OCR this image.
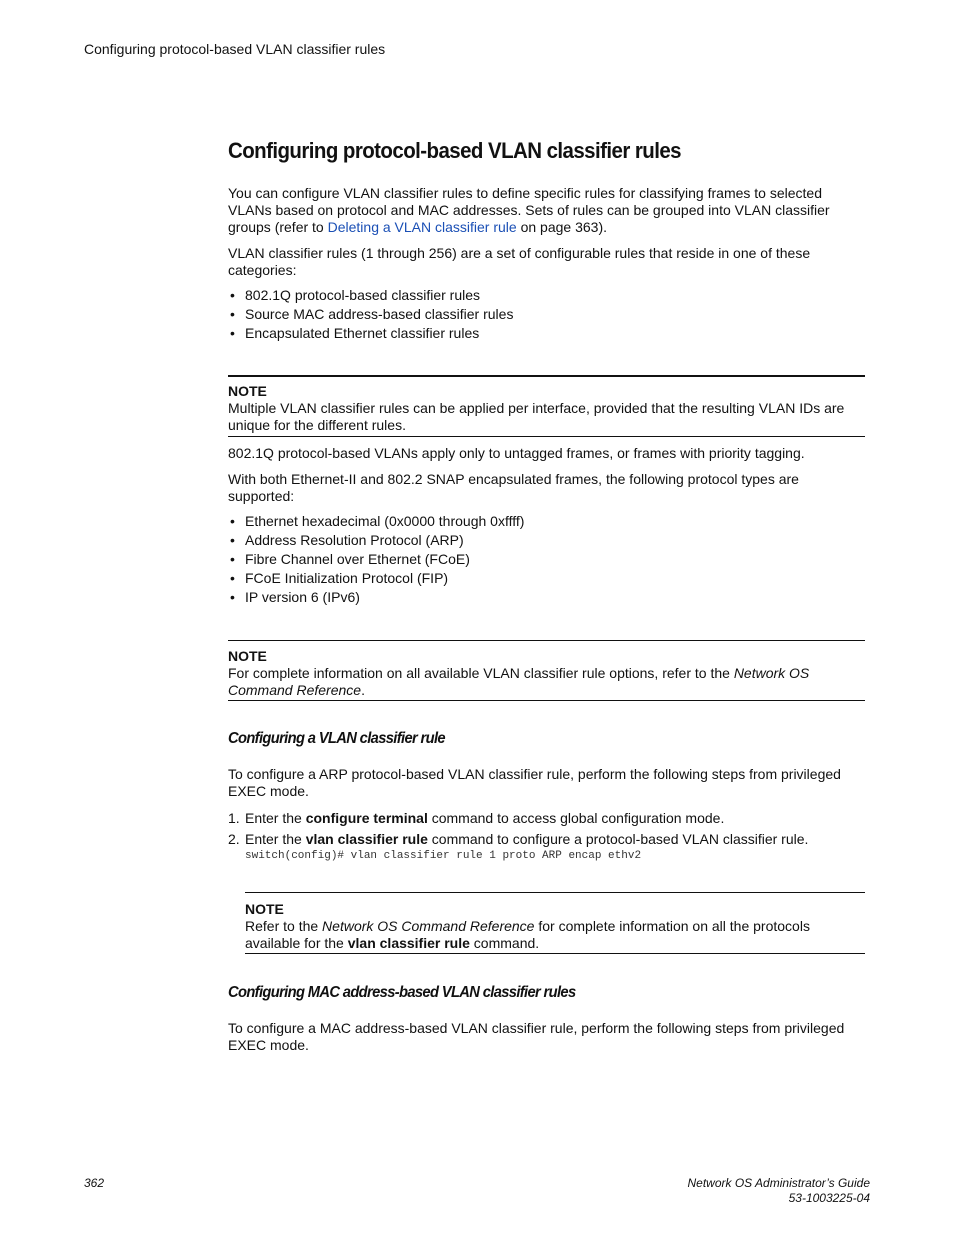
Configuring protocol-based VLAN classifier rules
Configuring protocol-based VLAN classifier rules

You can configure VLAN classifier rules to define specific rules for classifying frames to selected VLANs based on protocol and MAC addresses. Sets of rules can be grouped into VLAN classifier groups (refer to Deleting a VLAN classifier rule on page 363).

VLAN classifier rules (1 through 256) are a set of configurable rules that reside in one of these categories:

• 802.1Q protocol-based classifier rules
• Source MAC address-based classifier rules
• Encapsulated Ethernet classifier rules

NOTE

Multiple VLAN classifier rules can be applied per interface, provided that the resulting VLAN IDs are unique for the different rules.

802.1Q protocol-based VLANs apply only to untagged frames, or frames with priority tagging.

With both Ethernet-II and 802.2 SNAP encapsulated frames, the following protocol types are supported:

• Ethernet hexadecimal (0x0000 through 0xffff)
• Address Resolution Protocol (ARP)
• Fibre Channel over Ethernet (FCoE)
• FCoE Initialization Protocol (FIP)
• IP version 6 (IPv6)

NOTE

For complete information on all available VLAN classifier rule options, refer to the Network OS Command Reference.

Configuring a VLAN classifier rule

To configure a ARP protocol-based VLAN classifier rule, perform the following steps from privileged EXEC mode.

1. Enter the configure terminal command to access global configuration mode.
2. Enter the vlan classifier rule command to configure a protocol-based VLAN classifier rule.
switch(config)# vlan classifier rule 1 proto ARP encap ethv2

NOTE

Refer to the Network OS Command Reference for complete information on all the protocols available for the vlan classifier rule command.

Configuring MAC address-based VLAN classifier rules

To configure a MAC address-based VLAN classifier rule, perform the following steps from privileged EXEC mode.

362	Network OS Administrator’s Guide
53-1003225-04
